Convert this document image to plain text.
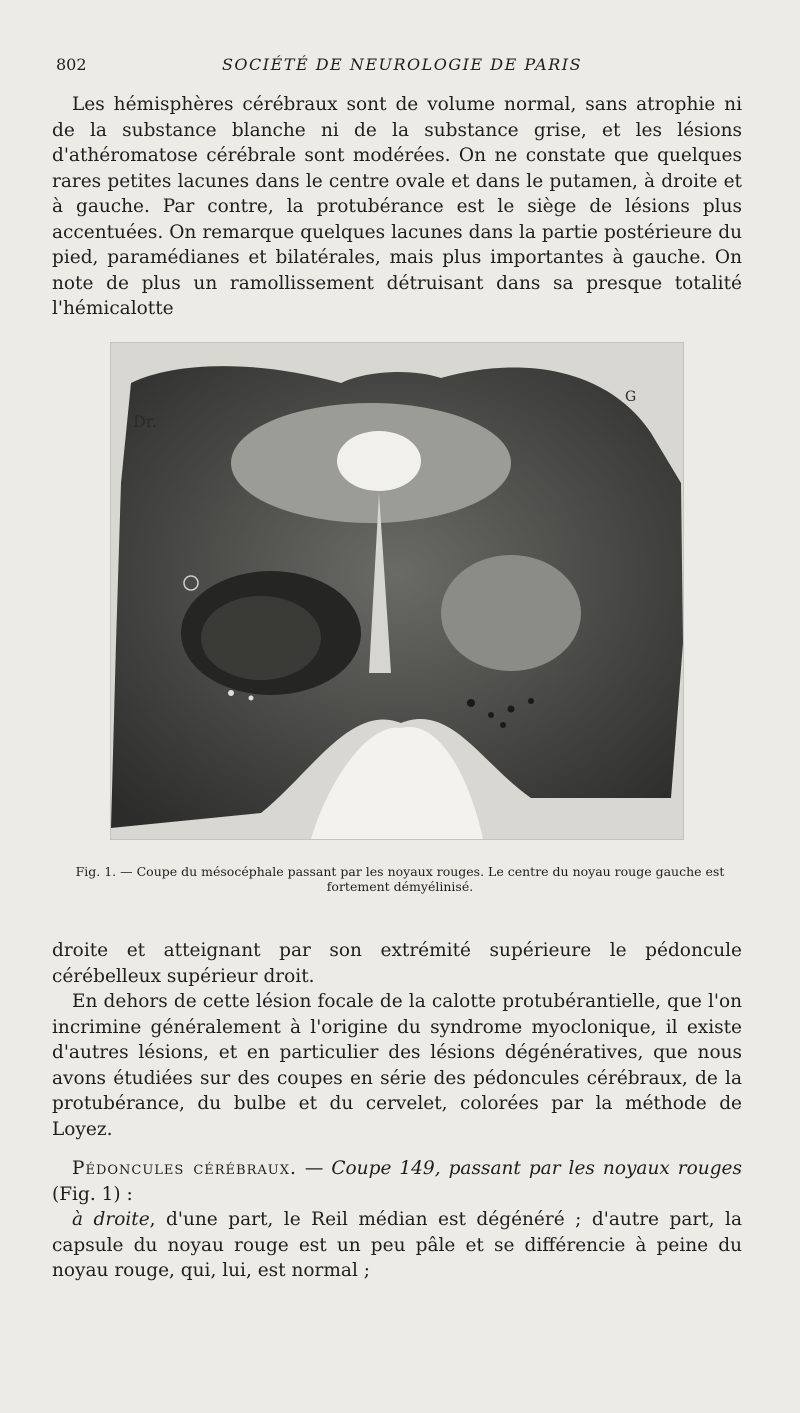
802	SOCIÉTÉ DE NEUROLOGIE DE PARIS

Les hémisphères cérébraux sont de volume normal, sans atrophie ni de la substance blanche ni de la substance grise, et les lésions d'athéromatose cérébrale sont modérées. On ne constate que quelques rares petites lacunes dans le centre ovale et dans le putamen, à droite et à gauche. Par contre, la protubérance est le siège de lésions plus accentuées. On remarque quelques lacunes dans la partie postérieure du pied, paramédianes et bilatérales, mais plus importantes à gauche. On note de plus un ramollissement détruisant dans sa presque totalité l'hémicalotte

Dr.
G
Fig. 1. — Coupe du mésocéphale passant par les noyaux rouges. Le centre du noyau rouge gauche est fortement démyélinisé.

droite et atteignant par son extrémité supérieure le pédoncule cérébelleux supérieur droit.

En dehors de cette lésion focale de la calotte protubérantielle, que l'on incrimine généralement à l'origine du syndrome myoclonique, il existe d'autres lésions, et en particulier des lésions dégénératives, que nous avons étudiées sur des coupes en série des pédoncules cérébraux, de la protubérance, du bulbe et du cervelet, colorées par la méthode de Loyez.

Pédoncules cérébraux. — Coupe 149, passant par les noyaux rouges (Fig. 1) :

à droite, d'une part, le Reil médian est dégénéré ; d'autre part, la capsule du noyau rouge est un peu pâle et se différencie à peine du noyau rouge, qui, lui, est normal ;
